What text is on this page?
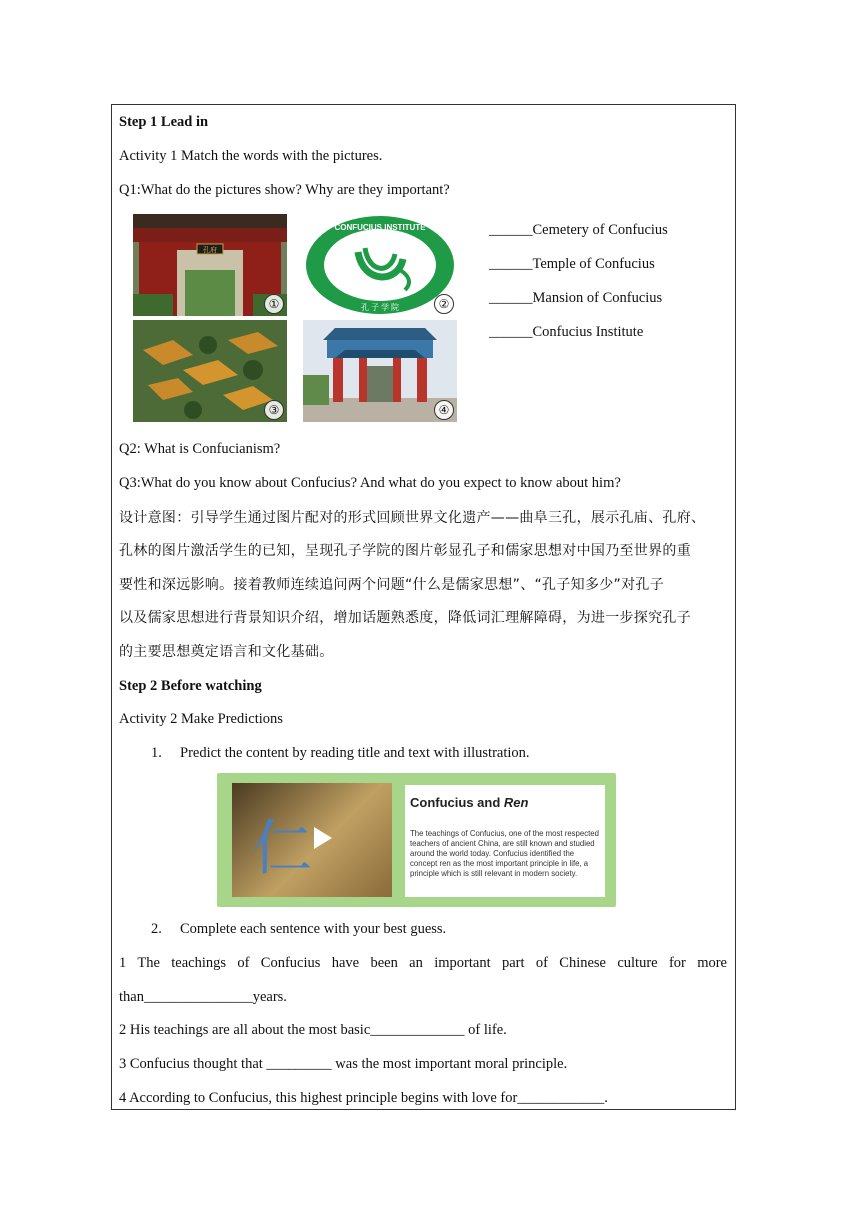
Step 1 Lead in
Activity 1 Match the words with the pictures.
Q1:What do the pictures show? Why are they important?
孔府
①
CONFUCIUS INSTITUTE
孔 子 学 院	②
③	④
______Cemetery of Confucius
______Temple of Confucius
______Mansion of Confucius
______Confucius Institute
Q2: What is Confucianism?
Q3:What do you know about Confucius? And what do you expect to know about him?
设计意图：引导学生通过图片配对的形式回顾世界文化遗产——曲阜三孔，展示孔庙、孔府、
孔林的图片激活学生的已知，呈现孔子学院的图片彰显孔子和儒家思想对中国乃至世界的重
要性和深远影响。接着教师连续追问两个问题“什么是儒家思想”、“孔子知多少”对孔子
以及儒家思想进行背景知识介绍，增加话题熟悉度，降低词汇理解障碍，为进一步探究孔子
的主要思想奠定语言和文化基础。
Step 2 Before watching
Activity 2 Make Predictions
1. Predict the content by reading title and text with illustration.
仁
Confucius and Ren
The teachings of Confucius, one of the most respected teachers of ancient China, are still known and studied around the world today. Confucius identified the concept ren as the most important principle in life, a principle which is still relevant in modern society.
2. Complete each sentence with your best guess.
1 The teachings of Confucius have been an important part of Chinese culture for more
than_______________years.
2 His teachings are all about the most basic_____________ of life.
3 Confucius thought that _________ was the most important moral principle.
4 According to Confucius, this highest principle begins with love for____________.
